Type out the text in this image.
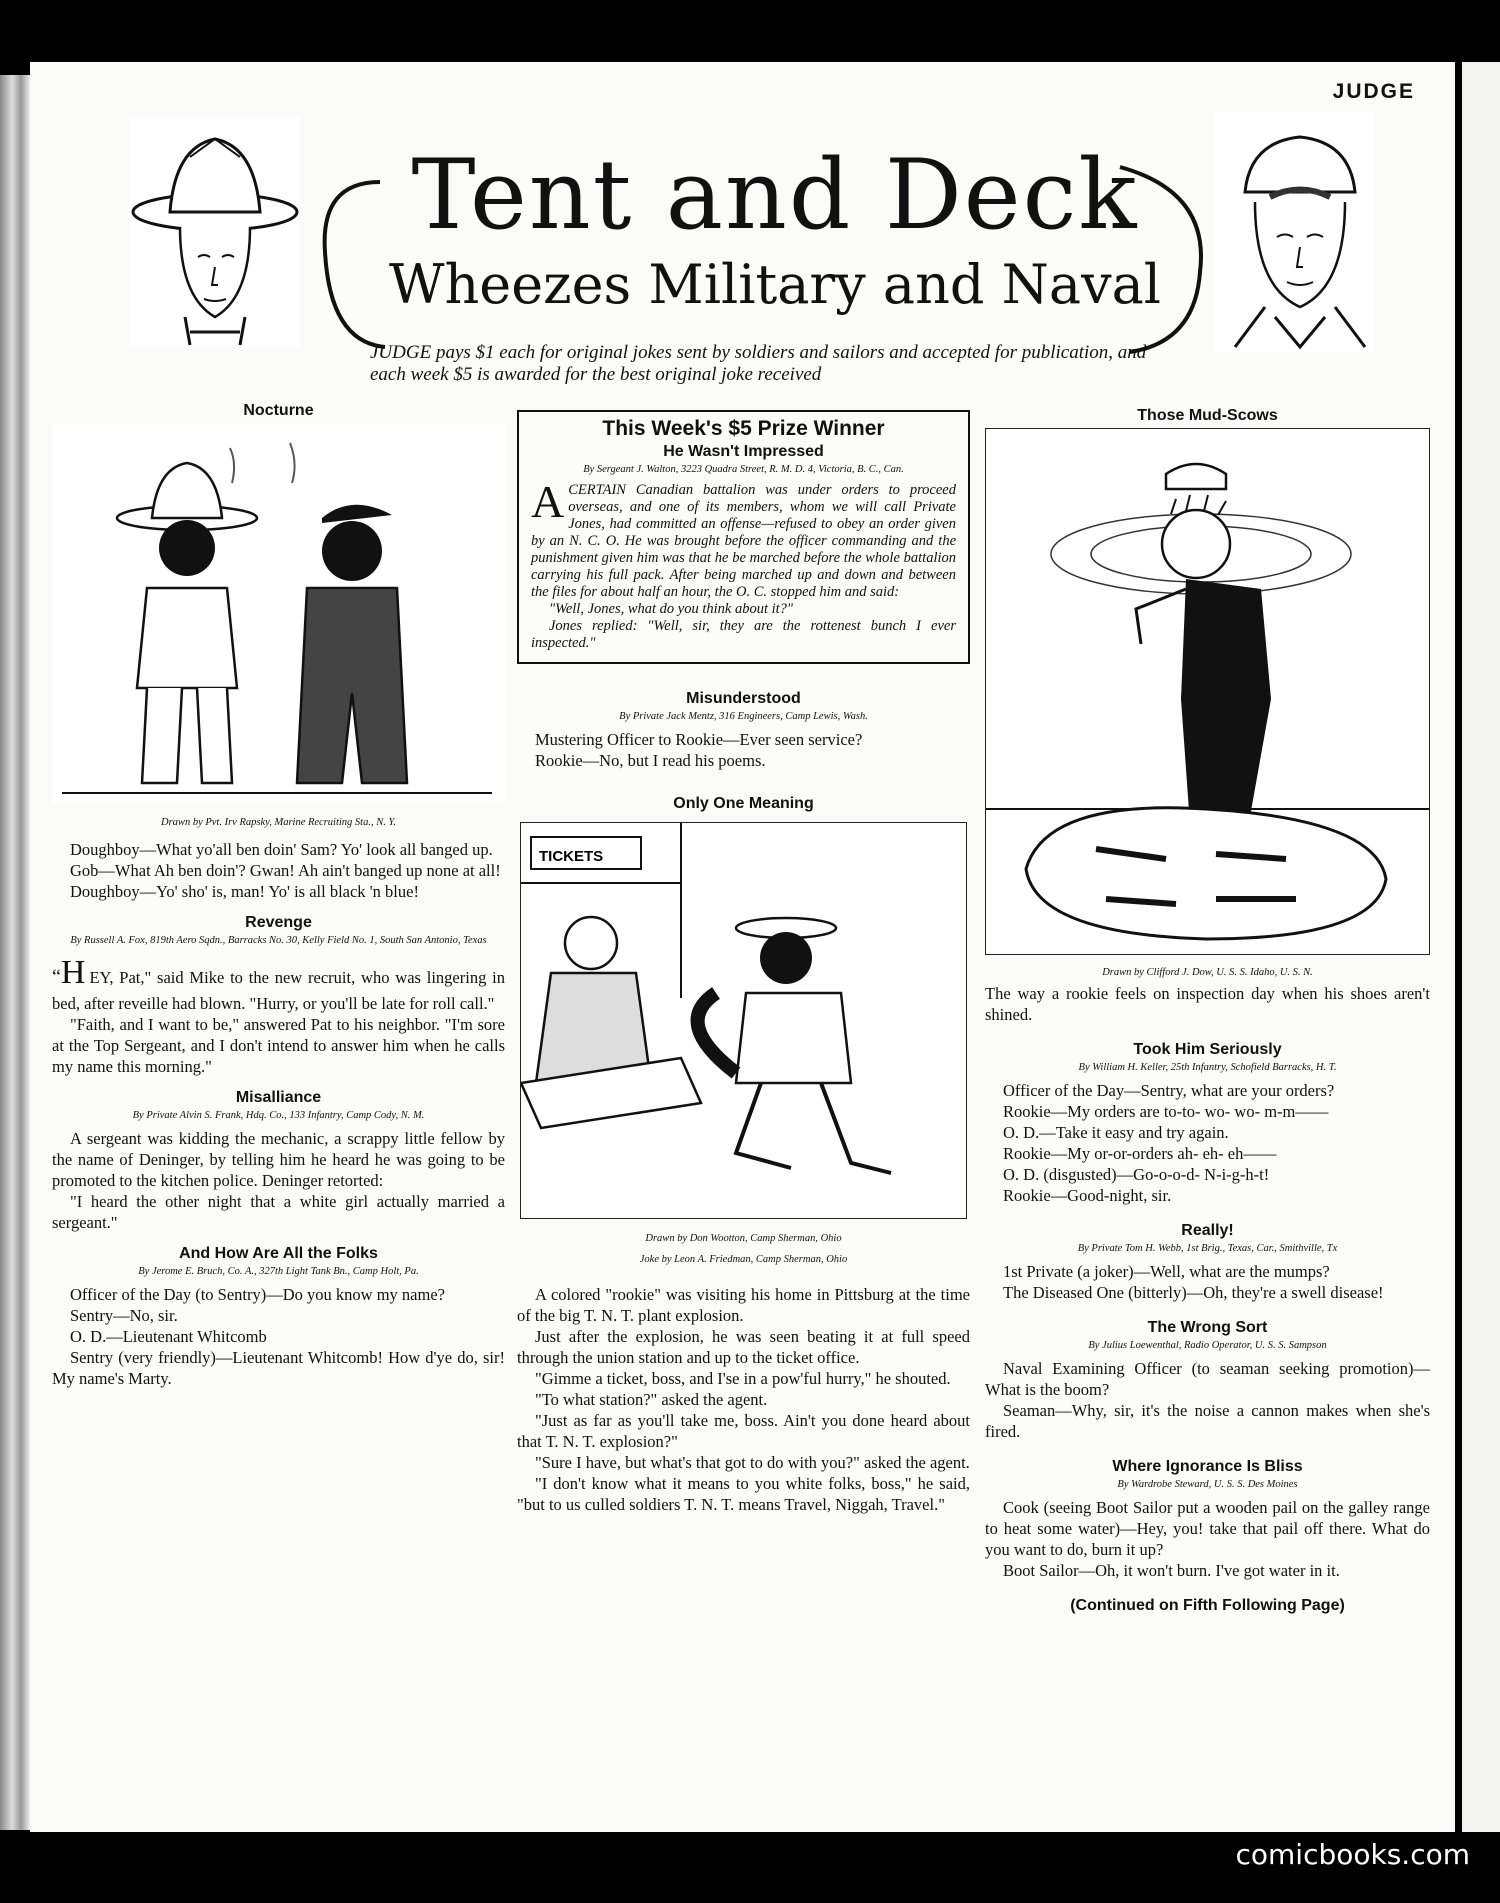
JUDGE
Tent and Deck
Wheezes Military and Naval
JUDGE pays $1 each for original jokes sent by soldiers and sailors and accepted for publication, and each week $5 is awarded for the best original joke received
Nocturne
Drawn by Pvt. Irv Rapsky, Marine Recruiting Sta., N. Y.

Doughboy—What yo'all ben doin' Sam? Yo' look all banged up.

Gob—What Ah ben doin'? Gwan! Ah ain't banged up none at all!

Doughboy—Yo' sho' is, man! Yo' is all black 'n blue!

Revenge
By Russell A. Fox, 819th Aero Sqdn., Barracks No. 30, Kelly Field No. 1, South San Antonio, Texas

“H EY, Pat," said Mike to the new recruit, who was lingering in bed, after reveille had blown. "Hurry, or you'll be late for roll call."

"Faith, and I want to be," answered Pat to his neighbor. "I'm sore at the Top Sergeant, and I don't intend to answer him when he calls my name this morning."

Misalliance
By Private Alvin S. Frank, Hdq. Co., 133 Infantry, Camp Cody, N. M.

A sergeant was kidding the mechanic, a scrappy little fellow by the name of Deninger, by telling him he heard he was going to be promoted to the kitchen police. Deninger retorted:

"I heard the other night that a white girl actually married a sergeant."

And How Are All the Folks
By Jerome E. Bruch, Co. A., 327th Light Tank Bn., Camp Holt, Pa.

Officer of the Day (to Sentry)—Do you know my name?

Sentry—No, sir.

O. D.—Lieutenant Whitcomb

Sentry (very friendly)—Lieutenant Whitcomb! How d'ye do, sir! My name's Marty.

This Week's $5 Prize Winner
He Wasn't Impressed
By Sergeant J. Walton, 3223 Quadra Street, R. M. D. 4, Victoria, B. C., Can.

ACERTAIN Canadian battalion was under orders to proceed overseas, and one of its members, whom we will call Private Jones, had committed an offense—refused to obey an order given by an N. C. O. He was brought before the officer commanding and the punishment given him was that he be marched before the whole battalion carrying his full pack. After being marched up and down and between the files for about half an hour, the O. C. stopped him and said:

"Well, Jones, what do you think about it?"

Jones replied: "Well, sir, they are the rottenest bunch I ever inspected."

Misunderstood
By Private Jack Mentz, 316 Engineers, Camp Lewis, Wash.

Mustering Officer to Rookie—Ever seen service?

Rookie—No, but I read his poems.

Only One Meaning
TICKETS
Drawn by Don Wootton, Camp Sherman, Ohio
Joke by Leon A. Friedman, Camp Sherman, Ohio

A colored "rookie" was visiting his home in Pittsburg at the time of the big T. N. T. plant explosion.

Just after the explosion, he was seen beating it at full speed through the union station and up to the ticket office.

"Gimme a ticket, boss, and I'se in a pow'ful hurry," he shouted.

"To what station?" asked the agent.

"Just as far as you'll take me, boss. Ain't you done heard about that T. N. T. explosion?"

"Sure I have, but what's that got to do with you?" asked the agent.

"I don't know what it means to you white folks, boss," he said, "but to us culled soldiers T. N. T. means Travel, Niggah, Travel."

Those Mud-Scows
Drawn by Clifford J. Dow, U. S. S. Idaho, U. S. N.

The way a rookie feels on inspection day when his shoes aren't shined.

Took Him Seriously
By William H. Keller, 25th Infantry, Schofield Barracks, H. T.

Officer of the Day—Sentry, what are your orders?

Rookie—My orders are to-to- wo- wo- m-m——

O. D.—Take it easy and try again.

Rookie—My or-or-orders ah- eh- eh——

O. D. (disgusted)—Go-o-o-d- N-i-g-h-t!

Rookie—Good-night, sir.

Really!
By Private Tom H. Webb, 1st Brig., Texas, Car., Smithville, Tx

1st Private (a joker)—Well, what are the mumps?

The Diseased One (bitterly)—Oh, they're a swell disease!

The Wrong Sort
By Julius Loewenthal, Radio Operator, U. S. S. Sampson

Naval Examining Officer (to seaman seeking promotion)—What is the boom?

Seaman—Why, sir, it's the noise a cannon makes when she's fired.

Where Ignorance Is Bliss
By Wardrobe Steward, U. S. S. Des Moines

Cook (seeing Boot Sailor put a wooden pail on the galley range to heat some water)—Hey, you! take that pail off there. What do you want to do, burn it up?

Boot Sailor—Oh, it won't burn. I've got water in it.

(Continued on Fifth Following Page)
comicbooks.com
